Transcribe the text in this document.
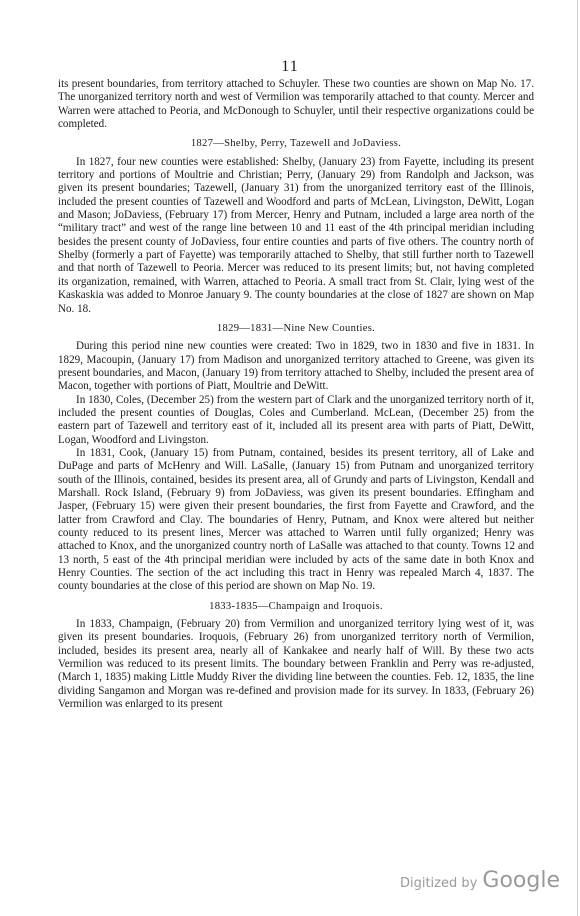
11

its present boundaries, from territory attached to Schuyler. These two counties are shown on Map No. 17. The unorganized territory north and west of Vermilion was temporarily attached to that county. Mercer and Warren were attached to Peoria, and McDonough to Schuyler, until their respective organizations could be completed.

1827—Shelby, Perry, Tazewell and JoDaviess.

In 1827, four new counties were established: Shelby, (January 23) from Fayette, including its present territory and portions of Moultrie and Christian; Perry, (January 29) from Randolph and Jackson, was given its present boundaries; Tazewell, (January 31) from the unorganized territory east of the Illinois, included the present counties of Tazewell and Woodford and parts of McLean, Livingston, DeWitt, Logan and Mason; JoDaviess, (February 17) from Mercer, Henry and Putnam, included a large area north of the “military tract” and west of the range line between 10 and 11 east of the 4th principal meridian including besides the present county of JoDaviess, four entire counties and parts of five others. The country north of Shelby (formerly a part of Fayette) was temporarily attached to Shelby, that still further north to Tazewell and that north of Tazewell to Peoria. Mercer was reduced to its present limits; but, not having completed its organization, remained, with Warren, attached to Peoria. A small tract from St. Clair, lying west of the Kaskaskia was added to Monroe January 9. The county boundaries at the close of 1827 are shown on Map No. 18.

1829—1831—Nine New Counties.

During this period nine new counties were created: Two in 1829, two in 1830 and five in 1831. In 1829, Macoupin, (January 17) from Madison and unorganized territory attached to Greene, was given its present boundaries, and Macon, (January 19) from territory attached to Shelby, included the present area of Macon, together with portions of Piatt, Moultrie and DeWitt.

In 1830, Coles, (December 25) from the western part of Clark and the unorganized territory north of it, included the present counties of Douglas, Coles and Cumberland. McLean, (December 25) from the eastern part of Tazewell and territory east of it, included all its present area with parts of Piatt, DeWitt, Logan, Woodford and Livingston.

In 1831, Cook, (January 15) from Putnam, contained, besides its present territory, all of Lake and DuPage and parts of McHenry and Will. LaSalle, (January 15) from Putnam and unorganized territory south of the Illinois, contained, besides its present area, all of Grundy and parts of Livingston, Kendall and Marshall. Rock Island, (February 9) from JoDaviess, was given its present boundaries. Effingham and Jasper, (February 15) were given their present boundaries, the first from Fayette and Crawford, and the latter from Crawford and Clay. The boundaries of Henry, Putnam, and Knox were altered but neither county reduced to its present lines, Mercer was attached to Warren until fully organized; Henry was attached to Knox, and the unorganized country north of LaSalle was attached to that county. Towns 12 and 13 north, 5 east of the 4th principal meridian were included by acts of the same date in both Knox and Henry Counties. The section of the act including this tract in Henry was repealed March 4, 1837. The county boundaries at the close of this period are shown on Map No. 19.

1833-1835—Champaign and Iroquois.

In 1833, Champaign, (February 20) from Vermilion and unorganized territory lying west of it, was given its present boundaries. Iroquois, (February 26) from unorganized territory north of Vermilion, included, besides its present area, nearly all of Kankakee and nearly half of Will. By these two acts Vermilion was reduced to its present limits. The boundary between Franklin and Perry was re-adjusted, (March 1, 1835) making Little Muddy River the dividing line between the counties. Feb. 12, 1835, the line dividing Sangamon and Morgan was re-defined and provision made for its survey. In 1833, (February 26) Vermilion was enlarged to its present

Digitized by Google
